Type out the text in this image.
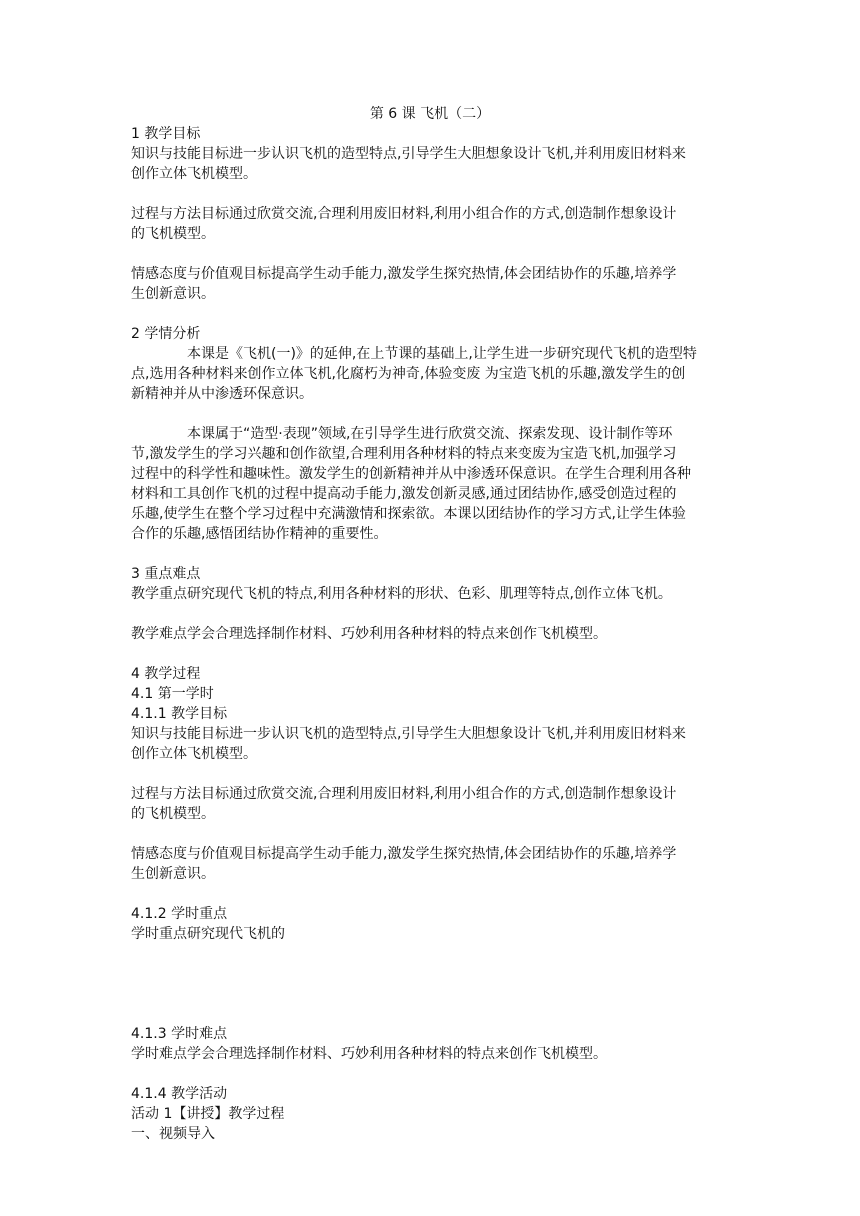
第 6 课 飞机（二）
1 教学目标
知识与技能目标进一步认识飞机的造型特点,引导学生大胆想象设计飞机,并利用废旧材料来
创作立体飞机模型。
过程与方法目标通过欣赏交流,合理利用废旧材料,利用小组合作的方式,创造制作想象设计
的飞机模型。
情感态度与价值观目标提高学生动手能力,激发学生探究热情,体会团结协作的乐趣,培养学
生创新意识。
2 学情分析
本课是《飞机(一)》的延伸,在上节课的基础上,让学生进一步研究现代飞机的造型特
点,选用各种材料来创作立体飞机,化腐朽为神奇,体验变废 为宝造飞机的乐趣,激发学生的创
新精神并从中渗透环保意识。
本课属于“造型·表现”领域,在引导学生进行欣赏交流、探索发现、设计制作等环
节,激发学生的学习兴趣和创作欲望,合理利用各种材料的特点来变废为宝造飞机,加强学习
过程中的科学性和趣味性。激发学生的创新精神并从中渗透环保意识。在学生合理利用各种
材料和工具创作飞机的过程中提高动手能力,激发创新灵感,通过团结协作,感受创造过程的
乐趣,使学生在整个学习过程中充满激情和探索欲。本课以团结协作的学习方式,让学生体验
合作的乐趣,感悟团结协作精神的重要性。
3 重点难点
教学重点研究现代飞机的特点,利用各种材料的形状、色彩、肌理等特点,创作立体飞机。
教学难点学会合理选择制作材料、巧妙利用各种材料的特点来创作飞机模型。
4 教学过程
4.1 第一学时
4.1.1 教学目标
知识与技能目标进一步认识飞机的造型特点,引导学生大胆想象设计飞机,并利用废旧材料来
创作立体飞机模型。
过程与方法目标通过欣赏交流,合理利用废旧材料,利用小组合作的方式,创造制作想象设计
的飞机模型。
情感态度与价值观目标提高学生动手能力,激发学生探究热情,体会团结协作的乐趣,培养学
生创新意识。
4.1.2 学时重点
学时重点研究现代飞机的
4.1.3 学时难点
学时难点学会合理选择制作材料、巧妙利用各种材料的特点来创作飞机模型。
4.1.4 教学活动
活动 1【讲授】教学过程
一、视频导入
